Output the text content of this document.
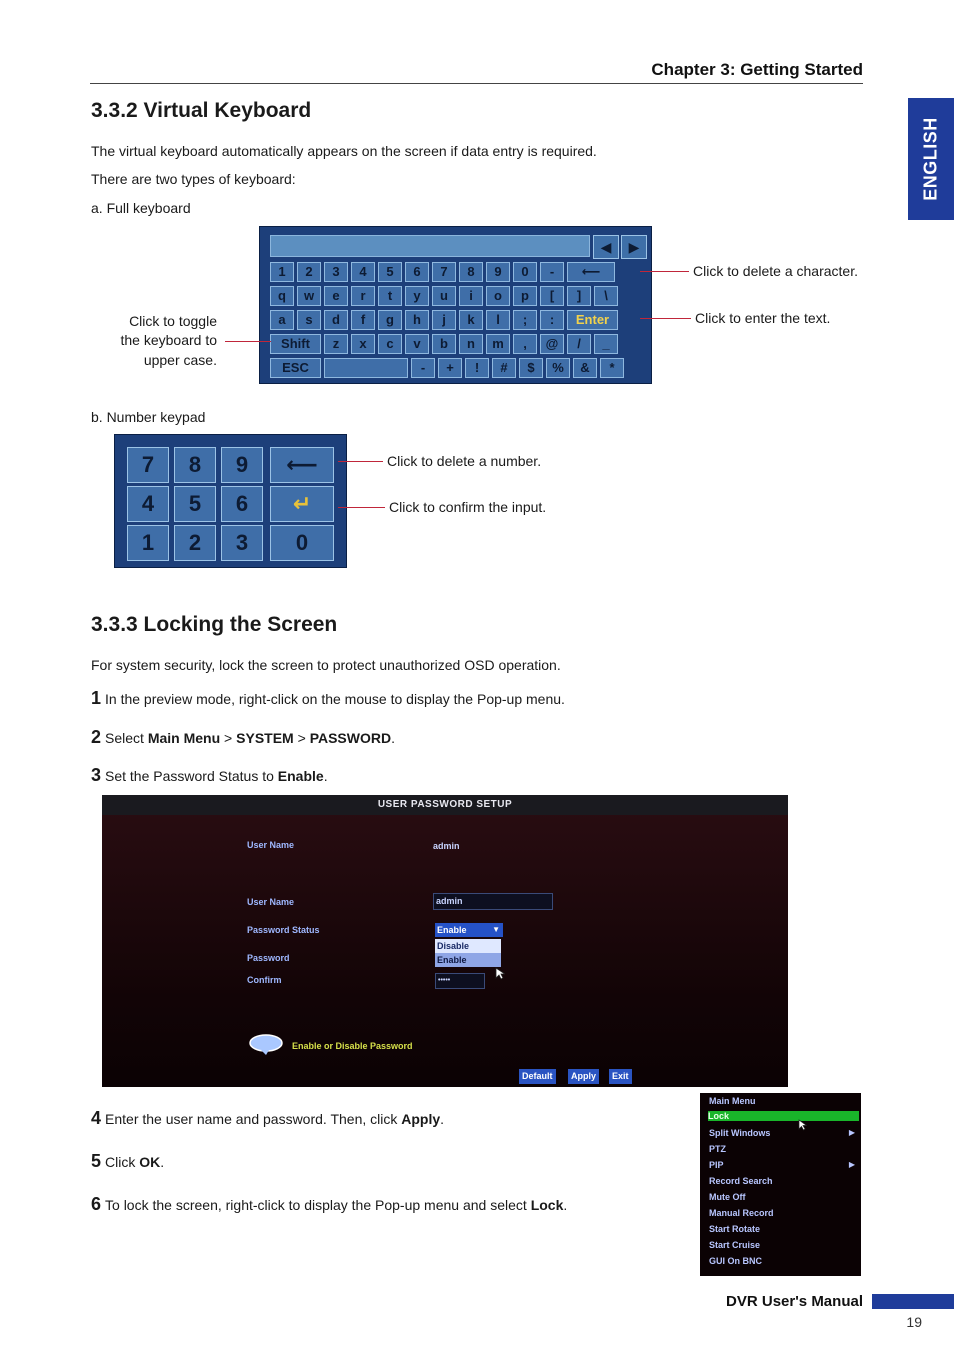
Chapter 3: Getting Started
ENGLISH
3.3.2 Virtual Keyboard
The virtual keyboard automatically appears on the screen if data entry is required.
There are two types of keyboard:
a. Full keyboard
◀	▶
1	2	3	4	5	6	7	8	9	0	-	⟵
q	w	e	r	t	y	u	i	o	p	[	]	\
a	s	d	f	g	h	j	k	l	;	:	Enter
Shift	z	x	c	v	b	n	m	,	@	/	_
ESC	-	+	!	#	$	%	&	*
Click to delete a character.
Click to enter the text.
Click to toggle
the keyboard to
upper case.
b. Number keypad
7	8	9	⟵
4	5	6	↵
1	2	3	0
Click to delete a number.
Click to confirm the input.
3.3.3 Locking the Screen
For system security, lock the screen to protect unauthorized OSD operation.
1 In the preview mode, right-click on the mouse to display the Pop-up menu.
2 Select Main Menu > SYSTEM > PASSWORD.
3 Set the Password Status to Enable.
USER PASSWORD SETUP
User Name	admin
User Name	admin
Password Status	Enable	▼
Disable
Enable
Password
Confirm	•••••
Enable or Disable Password
Default	Apply	Exit
4 Enter the user name and password. Then, click Apply.
5 Click OK.
6 To lock the screen, right-click to display the Pop-up menu and select Lock.
Main Menu
Lock
Split Windows	▶
PTZ
PIP	▶
Record Search
Mute Off
Manual Record
Start Rotate
Start Cruise
GUI On BNC
DVR User's Manual
19
